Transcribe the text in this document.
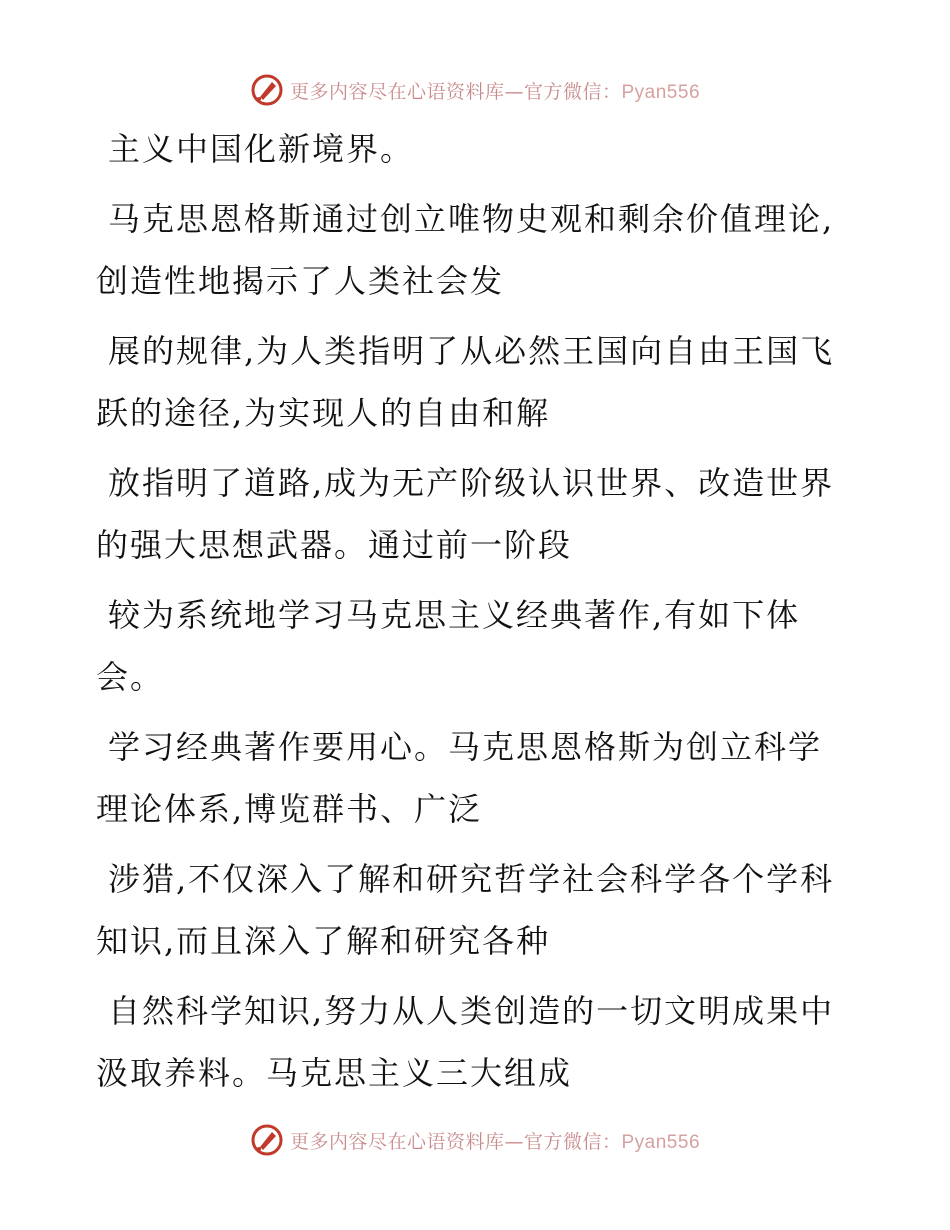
更多内容尽在心语资料库—官方微信：Pyan556

主义中国化新境界。

马克思恩格斯通过创立唯物史观和剩余价值理论,
创造性地揭示了人类社会发

展的规律,为人类指明了从必然王国向自由王国飞
跃的途径,为实现人的自由和解

放指明了道路,成为无产阶级认识世界、改造世界
的强大思想武器。通过前一阶段

较为系统地学习马克思主义经典著作,有如下体
会。

学习经典著作要用心。马克思恩格斯为创立科学
理论体系,博览群书、广泛

涉猎,不仅深入了解和研究哲学社会科学各个学科
知识,而且深入了解和研究各种

自然科学知识,努力从人类创造的一切文明成果中
汲取养料。马克思主义三大组成

更多内容尽在心语资料库—官方微信：Pyan556
